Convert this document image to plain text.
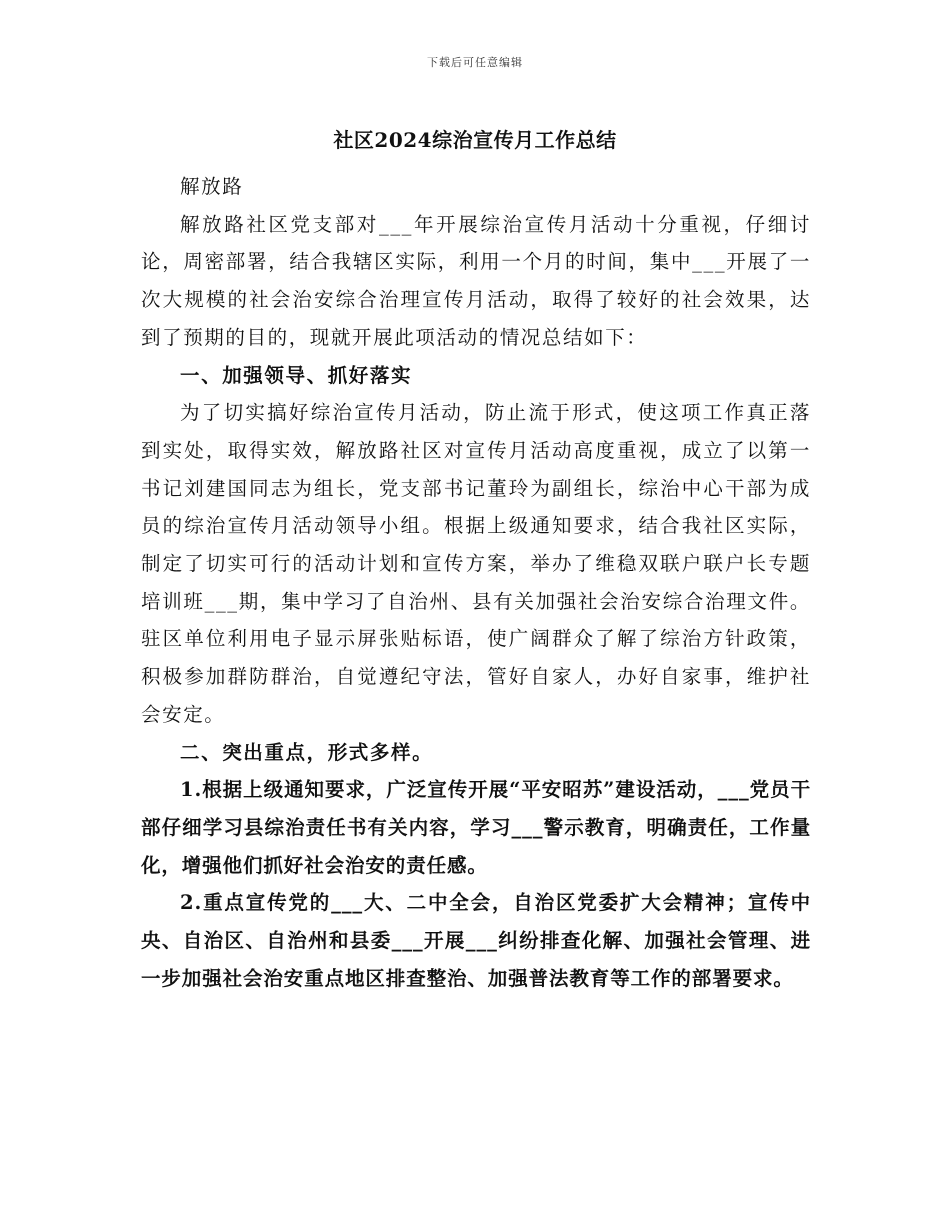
下载后可任意编辑
社区2024综治宣传月工作总结

解放路

解放路社区党支部对___年开展综治宣传月活动十分重视，仔细讨论，周密部署，结合我辖区实际，利用一个月的时间，集中___开展了一次大规模的社会治安综合治理宣传月活动，取得了较好的社会效果，达到了预期的目的，现就开展此项活动的情况总结如下：

一、加强领导、抓好落实

为了切实搞好综治宣传月活动，防止流于形式，使这项工作真正落到实处，取得实效，解放路社区对宣传月活动高度重视，成立了以第一书记刘建国同志为组长，党支部书记董玲为副组长，综治中心干部为成员的综治宣传月活动领导小组。根据上级通知要求，结合我社区实际，制定了切实可行的活动计划和宣传方案，举办了维稳双联户联户长专题培训班___期，集中学习了自治州、县有关加强社会治安综合治理文件。驻区单位利用电子显示屏张贴标语，使广阔群众了解了综治方针政策，积极参加群防群治，自觉遵纪守法，管好自家人，办好自家事，维护社会安定。

二、突出重点，形式多样。

1.根据上级通知要求，广泛宣传开展“平安昭苏”建设活动，___党员干部仔细学习县综治责任书有关内容，学习___警示教育，明确责任，工作量化，增强他们抓好社会治安的责任感。

2.重点宣传党的___大、二中全会，自治区党委扩大会精神；宣传中央、自治区、自治州和县委___开展___纠纷排查化解、加强社会管理、进一步加强社会治安重点地区排查整治、加强普法教育等工作的部署要求。
